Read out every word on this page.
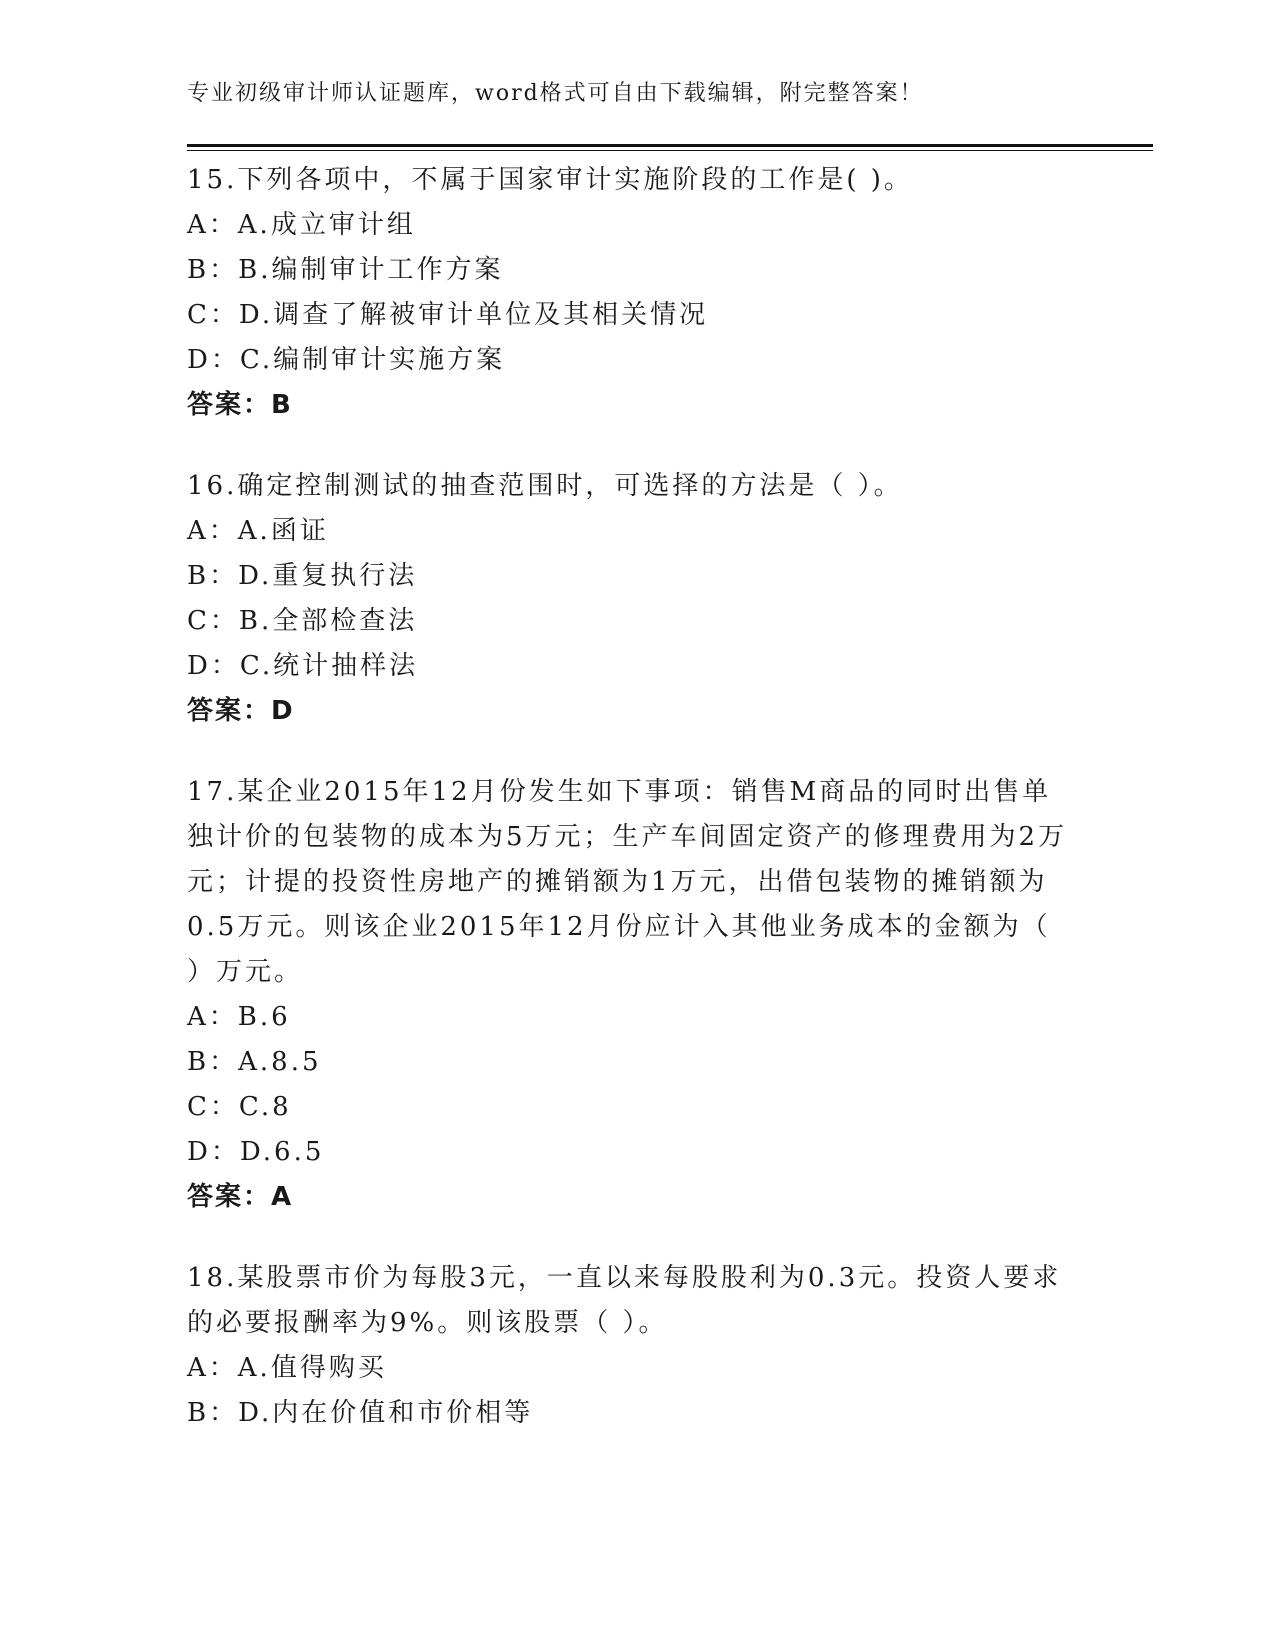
专业初级审计师认证题库，word格式可自由下载编辑，附完整答案！

15.下列各项中，不属于国家审计实施阶段的工作是( )。

A：A.成立审计组

B：B.编制审计工作方案

C：D.调查了解被审计单位及其相关情况

D：C.编制审计实施方案

答案：B

16.确定控制测试的抽查范围时，可选择的方法是（ ）。

A：A.函证

B：D.重复执行法

C：B.全部检查法

D：C.统计抽样法

答案：D

17.某企业2015年12月份发生如下事项：销售M商品的同时出售单独计价的包装物的成本为5万元；生产车间固定资产的修理费用为2万元；计提的投资性房地产的摊销额为1万元，出借包装物的摊销额为0.5万元。则该企业2015年12月份应计入其他业务成本的金额为（ ）万元。

A：B.6

B：A.8.5

C：C.8

D：D.6.5

答案：A

18.某股票市价为每股3元，一直以来每股股利为0.3元。投资人要求的必要报酬率为9%。则该股票（ ）。

A：A.值得购买

B：D.内在价值和市价相等
